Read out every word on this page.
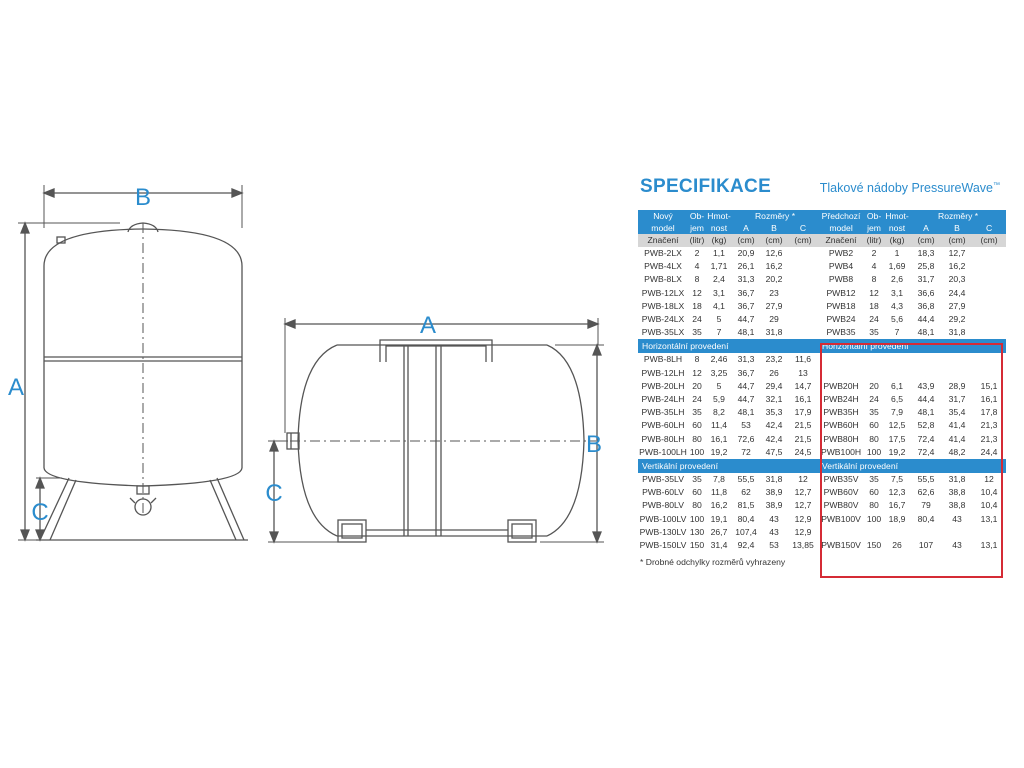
B
A
C
A
B
C
SPECIFIKACE	Tlakové nádoby PressureWave™
Nový	Ob-	Hmot-	Rozměry *			Předchozí	Ob-	Hmot-	Rozměry *		
model	jem	nost	A	B	C	model	jem	nost	A	B	C
Značení	(litr)	(kg)	(cm)	(cm)	(cm)	Značení	(litr)	(kg)	(cm)	(cm)	(cm)
PWB-2LX	2	1,1	20,9	12,6		PWB2	2	1	18,3	12,7	
PWB-4LX	4	1,71	26,1	16,2		PWB4	4	1,69	25,8	16,2	
PWB-8LX	8	2,4	31,3	20,2		PWB8	8	2,6	31,7	20,3	
PWB-12LX	12	3,1	36,7	23		PWB12	12	3,1	36,6	24,4	
PWB-18LX	18	4,1	36,7	27,9		PWB18	18	4,3	36,8	27,9	
PWB-24LX	24	5	44,7	29		PWB24	24	5,6	44,4	29,2	
PWB-35LX	35	7	48,1	31,8		PWB35	35	7	48,1	31,8	
Horizontální provedení						Horizontální provedení					
PWB-8LH	8	2,46	31,3	23,2	11,6						
PWB-12LH	12	3,25	36,7	26	13						
PWB-20LH	20	5	44,7	29,4	14,7	PWB20H	20	6,1	43,9	28,9	15,1
PWB-24LH	24	5,9	44,7	32,1	16,1	PWB24H	24	6,5	44,4	31,7	16,1
PWB-35LH	35	8,2	48,1	35,3	17,9	PWB35H	35	7,9	48,1	35,4	17,8
PWB-60LH	60	11,4	53	42,4	21,5	PWB60H	60	12,5	52,8	41,4	21,3
PWB-80LH	80	16,1	72,6	42,4	21,5	PWB80H	80	17,5	72,4	41,4	21,3
PWB-100LH	100	19,2	72	47,5	24,5	PWB100H	100	19,2	72,4	48,2	24,4
Vertikální provedení						Vertikální provedení					
PWB-35LV	35	7,8	55,5	31,8	12	PWB35V	35	7,5	55,5	31,8	12
PWB-60LV	60	11,8	62	38,9	12,7	PWB60V	60	12,3	62,6	38,8	10,4
PWB-80LV	80	16,2	81,5	38,9	12,7	PWB80V	80	16,7	79	38,8	10,4
PWB-100LV	100	19,1	80,4	43	12,9	PWB100V	100	18,9	80,4	43	13,1
PWB-130LV	130	26,7	107,4	43	12,9						
PWB-150LV	150	31,4	92,4	53	13,85	PWB150V	150	26	107	43	13,1
* Drobné odchylky rozměrů vyhrazeny
